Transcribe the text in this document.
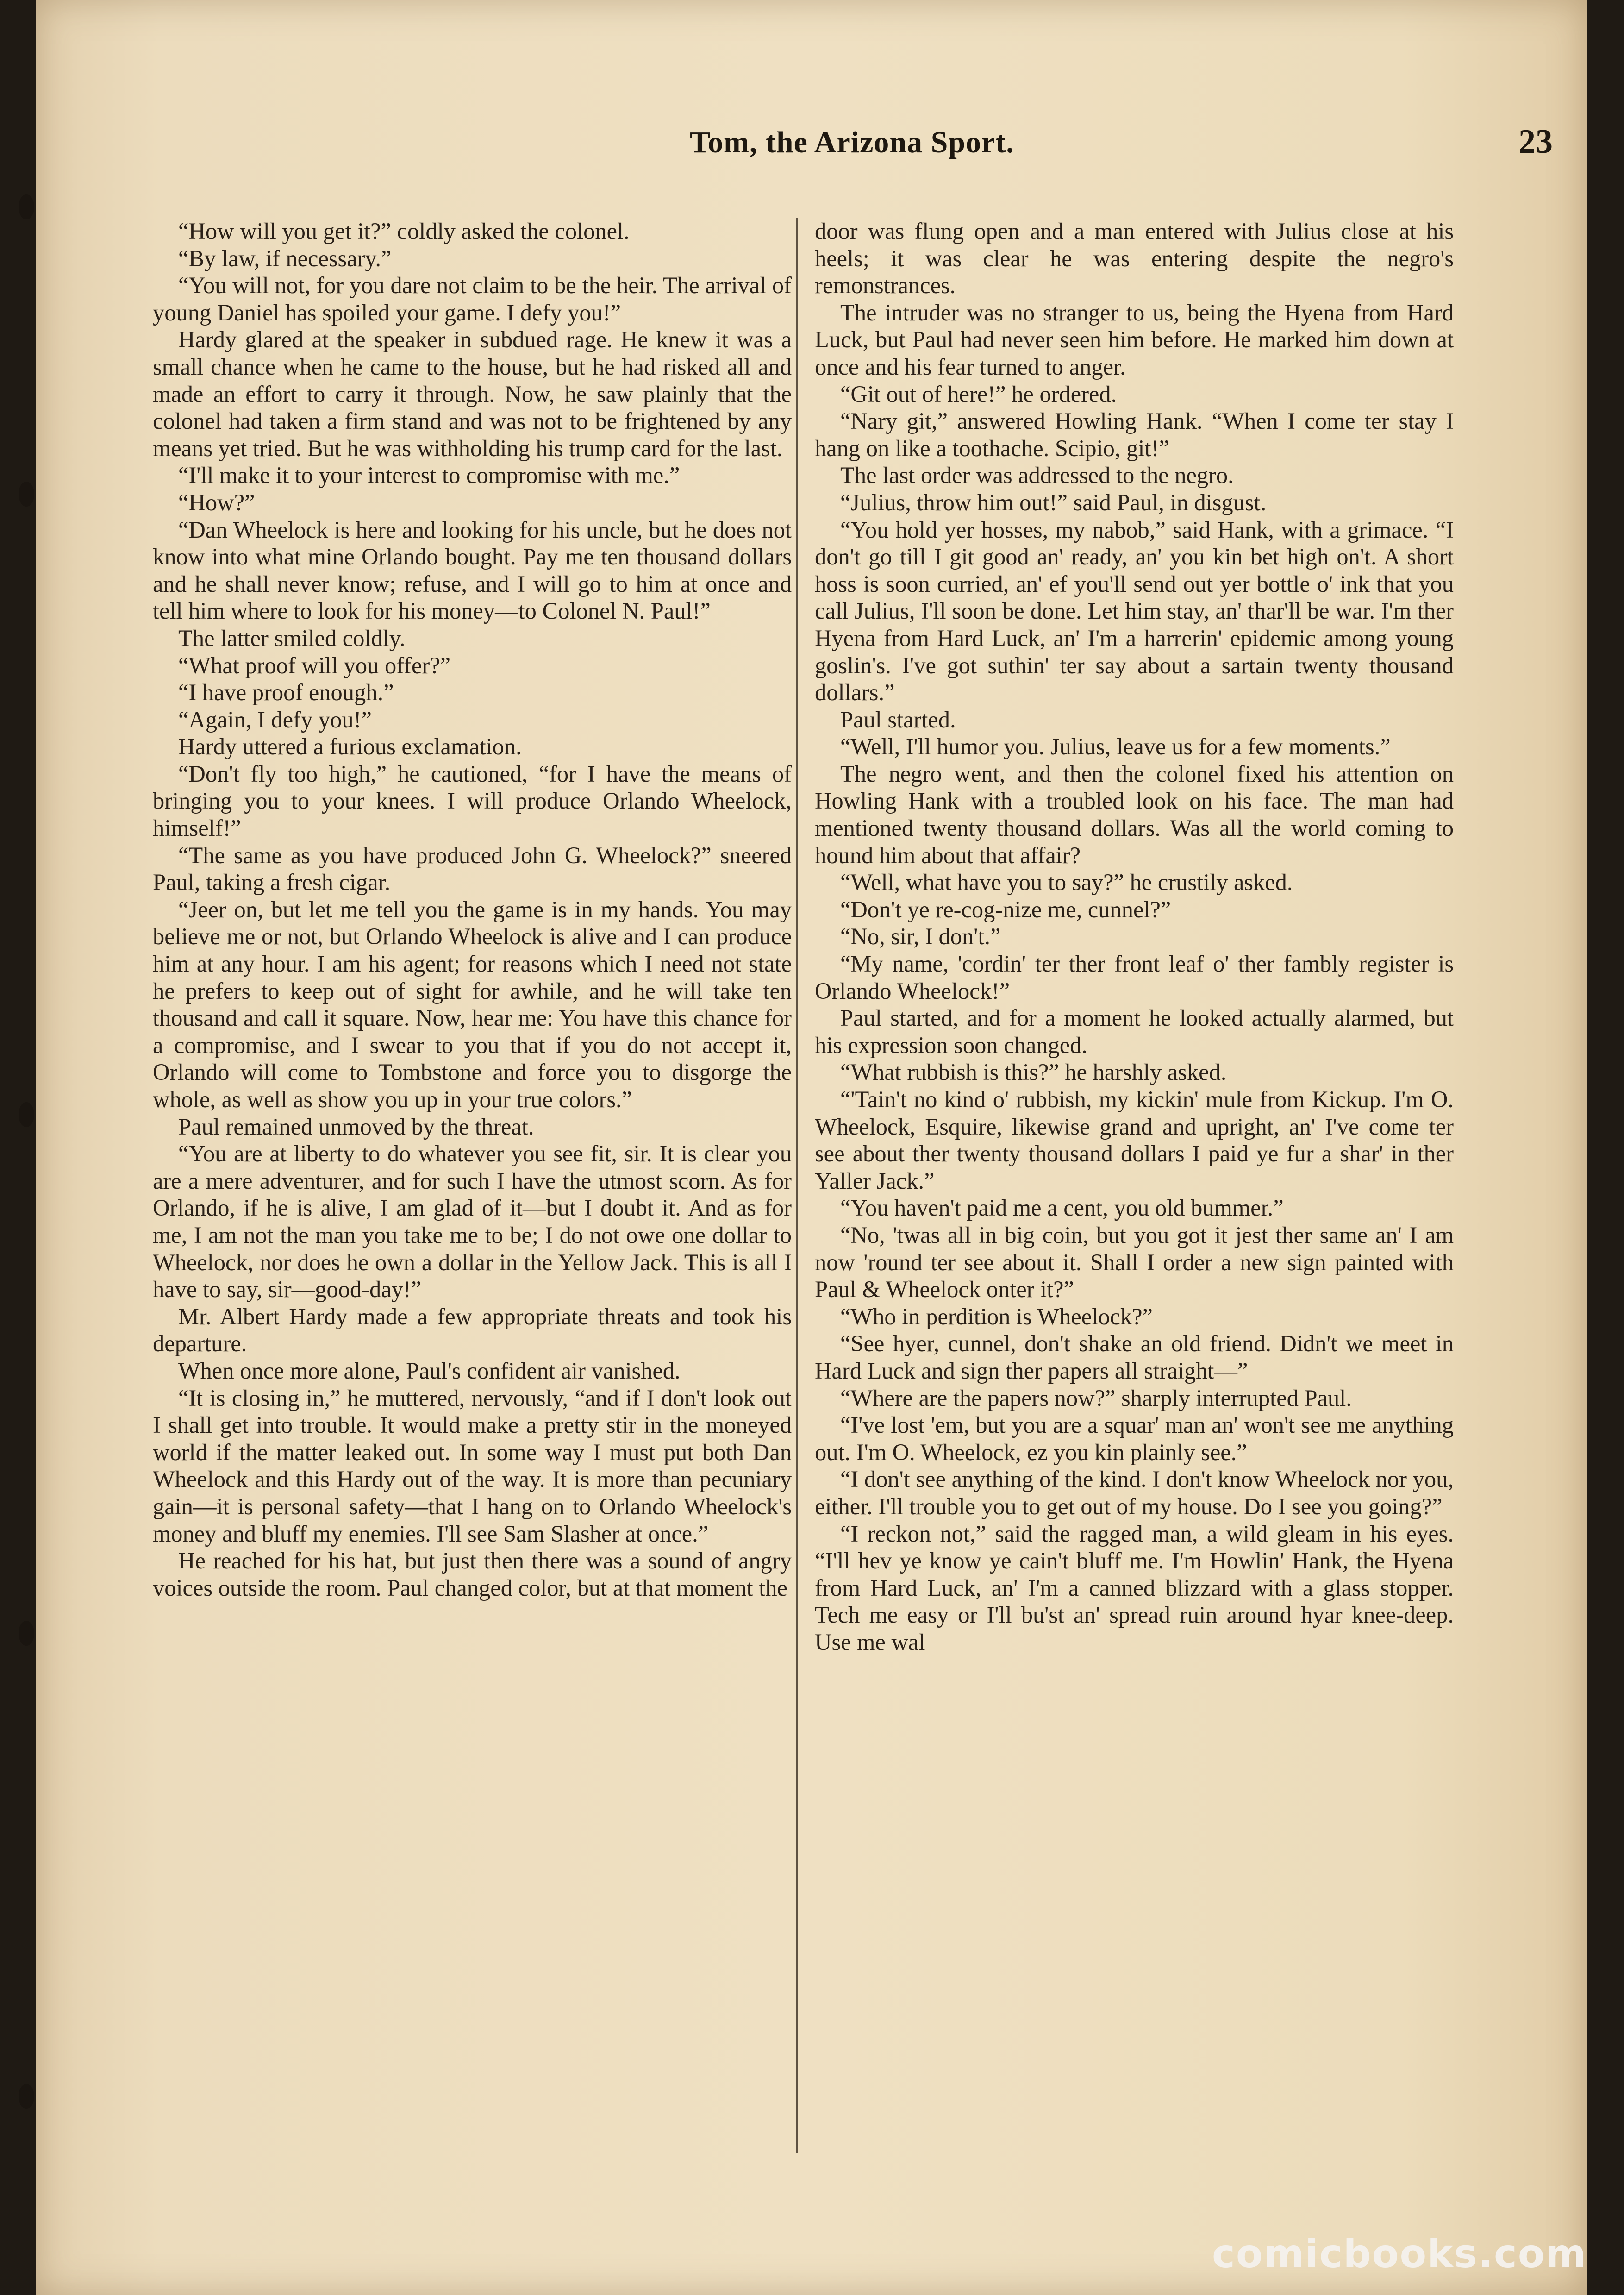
Tom, the Arizona Sport.	23

“How will you get it?” coldly asked the colonel.

“By law, if necessary.”

“You will not, for you dare not claim to be the heir. The arrival of young Daniel has spoiled your game. I defy you!”

Hardy glared at the speaker in subdued rage. He knew it was a small chance when he came to the house, but he had risked all and made an effort to carry it through. Now, he saw plainly that the colonel had taken a firm stand and was not to be frightened by any means yet tried. But he was withholding his trump card for the last.

“I'll make it to your interest to compromise with me.”

“How?”

“Dan Wheelock is here and looking for his uncle, but he does not know into what mine Orlando bought. Pay me ten thousand dollars and he shall never know; refuse, and I will go to him at once and tell him where to look for his money—to Colonel N. Paul!”

The latter smiled coldly.

“What proof will you offer?”

“I have proof enough.”

“Again, I defy you!”

Hardy uttered a furious exclamation.

“Don't fly too high,” he cautioned, “for I have the means of bringing you to your knees. I will produce Orlando Wheelock, himself!”

“The same as you have produced John G. Wheelock?” sneered Paul, taking a fresh cigar.

“Jeer on, but let me tell you the game is in my hands. You may believe me or not, but Orlando Wheelock is alive and I can produce him at any hour. I am his agent; for reasons which I need not state he prefers to keep out of sight for awhile, and he will take ten thousand and call it square. Now, hear me: You have this chance for a compromise, and I swear to you that if you do not accept it, Orlando will come to Tombstone and force you to disgorge the whole, as well as show you up in your true colors.”

Paul remained unmoved by the threat.

“You are at liberty to do whatever you see fit, sir. It is clear you are a mere adventurer, and for such I have the utmost scorn. As for Orlando, if he is alive, I am glad of it—but I doubt it. And as for me, I am not the man you take me to be; I do not owe one dollar to Wheelock, nor does he own a dollar in the Yellow Jack. This is all I have to say, sir—good-day!”

Mr. Albert Hardy made a few appropriate threats and took his departure.

When once more alone, Paul's confident air vanished.

“It is closing in,” he muttered, nervously, “and if I don't look out I shall get into trouble. It would make a pretty stir in the moneyed world if the matter leaked out. In some way I must put both Dan Wheelock and this Hardy out of the way. It is more than pecuniary gain—it is personal safety—that I hang on to Orlando Wheelock's money and bluff my enemies. I'll see Sam Slasher at once.”

He reached for his hat, but just then there was a sound of angry voices outside the room. Paul changed color, but at that moment the

door was flung open and a man entered with Julius close at his heels; it was clear he was entering despite the negro's remonstrances.

The intruder was no stranger to us, being the Hyena from Hard Luck, but Paul had never seen him before. He marked him down at once and his fear turned to anger.

“Git out of here!” he ordered.

“Nary git,” answered Howling Hank. “When I come ter stay I hang on like a toothache. Scipio, git!”

The last order was addressed to the negro.

“Julius, throw him out!” said Paul, in disgust.

“You hold yer hosses, my nabob,” said Hank, with a grimace. “I don't go till I git good an' ready, an' you kin bet high on't. A short hoss is soon curried, an' ef you'll send out yer bottle o' ink that you call Julius, I'll soon be done. Let him stay, an' thar'll be war. I'm ther Hyena from Hard Luck, an' I'm a harrerin' epidemic among young goslin's. I've got suthin' ter say about a sartain twenty thousand dollars.”

Paul started.

“Well, I'll humor you. Julius, leave us for a few moments.”

The negro went, and then the colonel fixed his attention on Howling Hank with a troubled look on his face. The man had mentioned twenty thousand dollars. Was all the world coming to hound him about that affair?

“Well, what have you to say?” he crustily asked.

“Don't ye re-cog-nize me, cunnel?”

“No, sir, I don't.”

“My name, 'cordin' ter ther front leaf o' ther fambly register is Orlando Wheelock!”

Paul started, and for a moment he looked actually alarmed, but his expression soon changed.

“What rubbish is this?” he harshly asked.

“'Tain't no kind o' rubbish, my kickin' mule from Kickup. I'm O. Wheelock, Esquire, likewise grand and upright, an' I've come ter see about ther twenty thousand dollars I paid ye fur a shar' in ther Yaller Jack.”

“You haven't paid me a cent, you old bummer.”

“No, 'twas all in big coin, but you got it jest ther same an' I am now 'round ter see about it. Shall I order a new sign painted with Paul & Wheelock onter it?”

“Who in perdition is Wheelock?”

“See hyer, cunnel, don't shake an old friend. Didn't we meet in Hard Luck and sign ther papers all straight—”

“Where are the papers now?” sharply interrupted Paul.

“I've lost 'em, but you are a squar' man an' won't see me anything out. I'm O. Wheelock, ez you kin plainly see.”

“I don't see anything of the kind. I don't know Wheelock nor you, either. I'll trouble you to get out of my house. Do I see you going?”

“I reckon not,” said the ragged man, a wild gleam in his eyes. “I'll hev ye know ye cain't bluff me. I'm Howlin' Hank, the Hyena from Hard Luck, an' I'm a canned blizzard with a glass stopper. Tech me easy or I'll bu'st an' spread ruin around hyar knee-deep. Use me wal

comicbooks.com
